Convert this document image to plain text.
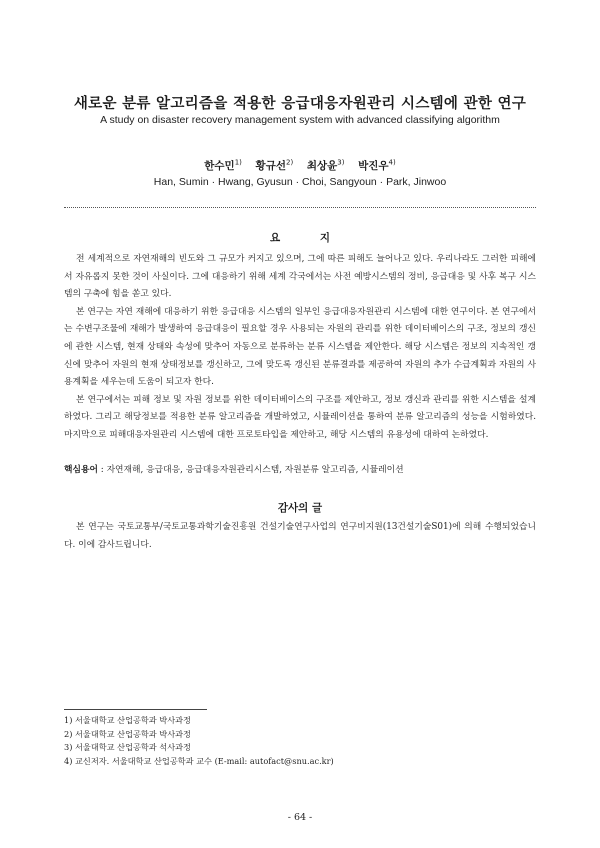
새로운 분류 알고리즘을 적용한 응급대응자원관리 시스템에 관한 연구
A study on disaster recovery management system with advanced classifying algorithm
한수민$^{1)}$ 황규선$^{2)}$ 최상윤$^{3)}$ 박진우$^{4)}$
Han, Sumin · Hwang, Gyusun · Choi, Sangyoun · Park, Jinwoo
요 지

전 세계적으로 자연재해의 빈도와 그 규모가 커지고 있으며, 그에 따른 피해도 늘어나고 있다. 우리나라도 그러한 피해에서 자유롭지 못한 것이 사실이다. 그에 대응하기 위해 세계 각국에서는 사전 예방시스템의 정비, 응급대응 및 사후 복구 시스템의 구축에 힘을 쏟고 있다.

본 연구는 자연 재해에 대응하기 위한 응급대응 시스템의 일부인 응급대응자원관리 시스템에 대한 연구이다. 본 연구에서는 수변구조물에 재해가 발생하여 응급대응이 필요할 경우 사용되는 자원의 관리를 위한 데이터베이스의 구조, 정보의 갱신에 관한 시스템, 현재 상태와 속성에 맞추어 자동으로 분류하는 분류 시스템을 제안한다. 해당 시스템은 정보의 지속적인 갱신에 맞추어 자원의 현재 상태정보를 갱신하고, 그에 맞도록 갱신된 분류결과를 제공하여 자원의 추가 수급계획과 자원의 사용계획을 세우는데 도움이 되고자 한다.

본 연구에서는 피해 정보 및 자원 정보를 위한 데이터베이스의 구조를 제안하고, 정보 갱신과 관리를 위한 시스템을 설계하였다. 그리고 해당정보를 적용한 분류 알고리즘을 개발하였고, 시뮬레이션을 통하여 분류 알고리즘의 성능을 시험하였다. 마지막으로 피해대응자원관리 시스템에 대한 프로토타입을 제안하고, 해당 시스템의 유용성에 대하여 논하였다.

핵심용어 : 자연재해, 응급대응, 응급대응자원관리시스템, 자원분류 알고리즘, 시뮬레이션
감사의 글

본 연구는 국토교통부/국토교통과학기술진흥원 건설기술연구사업의 연구비지원(13건설기술S01)에 의해 수행되었습니다. 이에 감사드립니다.

1) 서울대학교 산업공학과 박사과정
2) 서울대학교 산업공학과 박사과정
3) 서울대학교 산업공학과 석사과정
4) 교신저자. 서울대학교 산업공학과 교수 (E-mail: autofact@snu.ac.kr)
- 64 -
